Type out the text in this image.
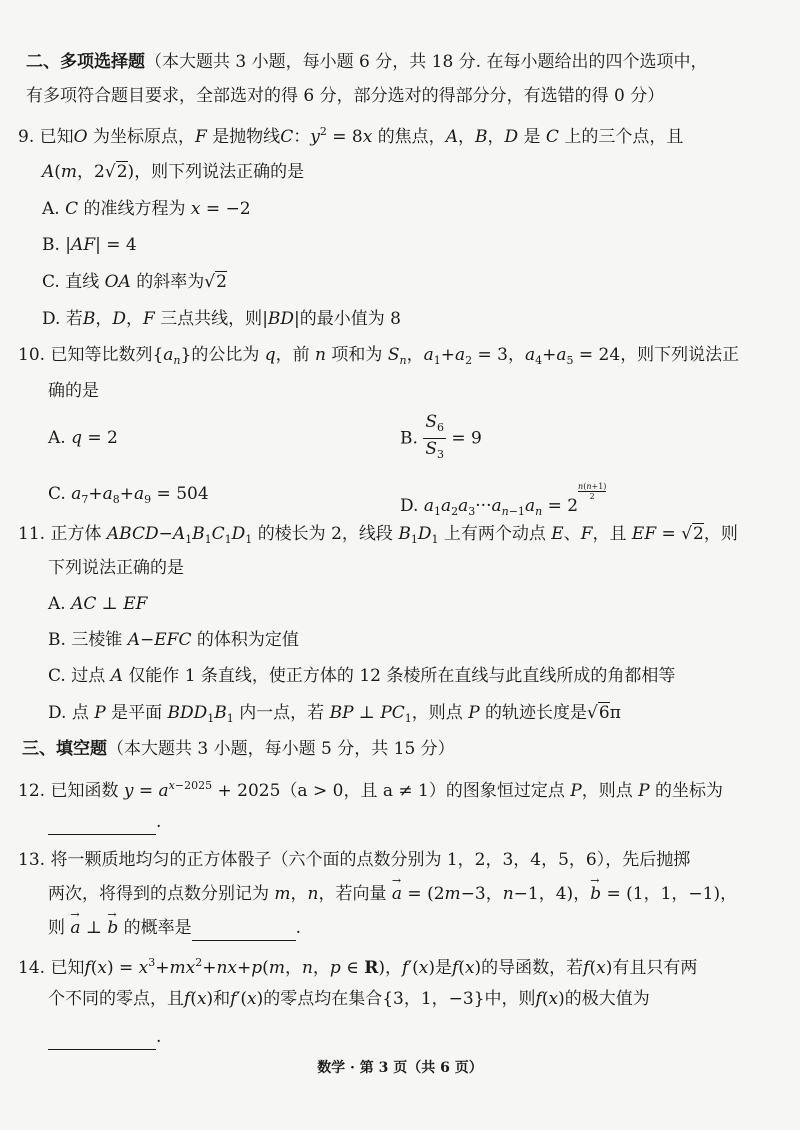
二、多项选择题（本大题共 3 小题，每小题 6 分，共 18 分. 在每小题给出的四个选项中，
有多项符合题目要求，全部选对的得 6 分，部分选对的得部分分，有选错的得 0 分）
9. 已知O 为坐标原点，F 是抛物线C：$y^2 = 8x$ 的焦点，A，B，D 是 C 上的三个点，且
A(m，2√2)，则下列说法正确的是
A. C 的准线方程为 x = −2
B. |AF| = 4
C. 直线 OA 的斜率为√2
D. 若B，D，F 三点共线，则|BD|的最小值为 8
10. 已知等比数列$\{a_n\}$的公比为 q，前 n 项和为 $S_n$，$a_1+a_2 = 3$，$a_4+a_5 = 24$，则下列说法正
确的是
A. q = 2	B. $\frac{S_6}{S_3} = 9$
C. $a_7+a_8+a_9 = 504$
D. $a_1a_2a_3\cdot\cdot\cdot a_{n-1}a_n = 2$
$^{\frac{n(n+1)}{2}}$
11. 正方体 $ABCD-A_1B_1C_1D_1$ 的棱长为 2，线段 $B_1D_1$ 上有两个动点 E、F，且 EF = √2，则
下列说法正确的是
A. AC ⊥ EF
B. 三棱锥 A−EFC 的体积为定值
C. 过点 A 仅能作 1 条直线，使正方体的 12 条棱所在直线与此直线所成的角都相等
D. 点 P 是平面 $BDD_1B_1$ 内一点，若 BP ⊥ $PC_1$，则点 P 的轨迹长度是√6π
三、填空题（本大题共 3 小题，每小题 5 分，共 15 分）
12. 已知函数 $y = a^{x-2025} + 2025(a > 0$，且 a ≠ 1）的图象恒过定点 P，则点 P 的坐标为
.
13. 将一颗质地均匀的正方体骰子（六个面的点数分别为 1，2，3，4，5，6），先后抛掷
两次，将得到的点数分别记为 m，n，若向量 → a = (2m−3，n−1，4)，→ b = (1，1，−1)，
则 → a ⊥ → b 的概率是	.
14. 已知$f(x) = x^3+mx^2+nx+p(m$，n，p ∈ R)，f′(x)是f(x)的导函数，若f(x)有且只有两
个不同的零点，且f(x)和f′(x)的零点均在集合{3，1，−3}中，则f(x)的极大值为
.
数学 · 第 3 页（共 6 页）
